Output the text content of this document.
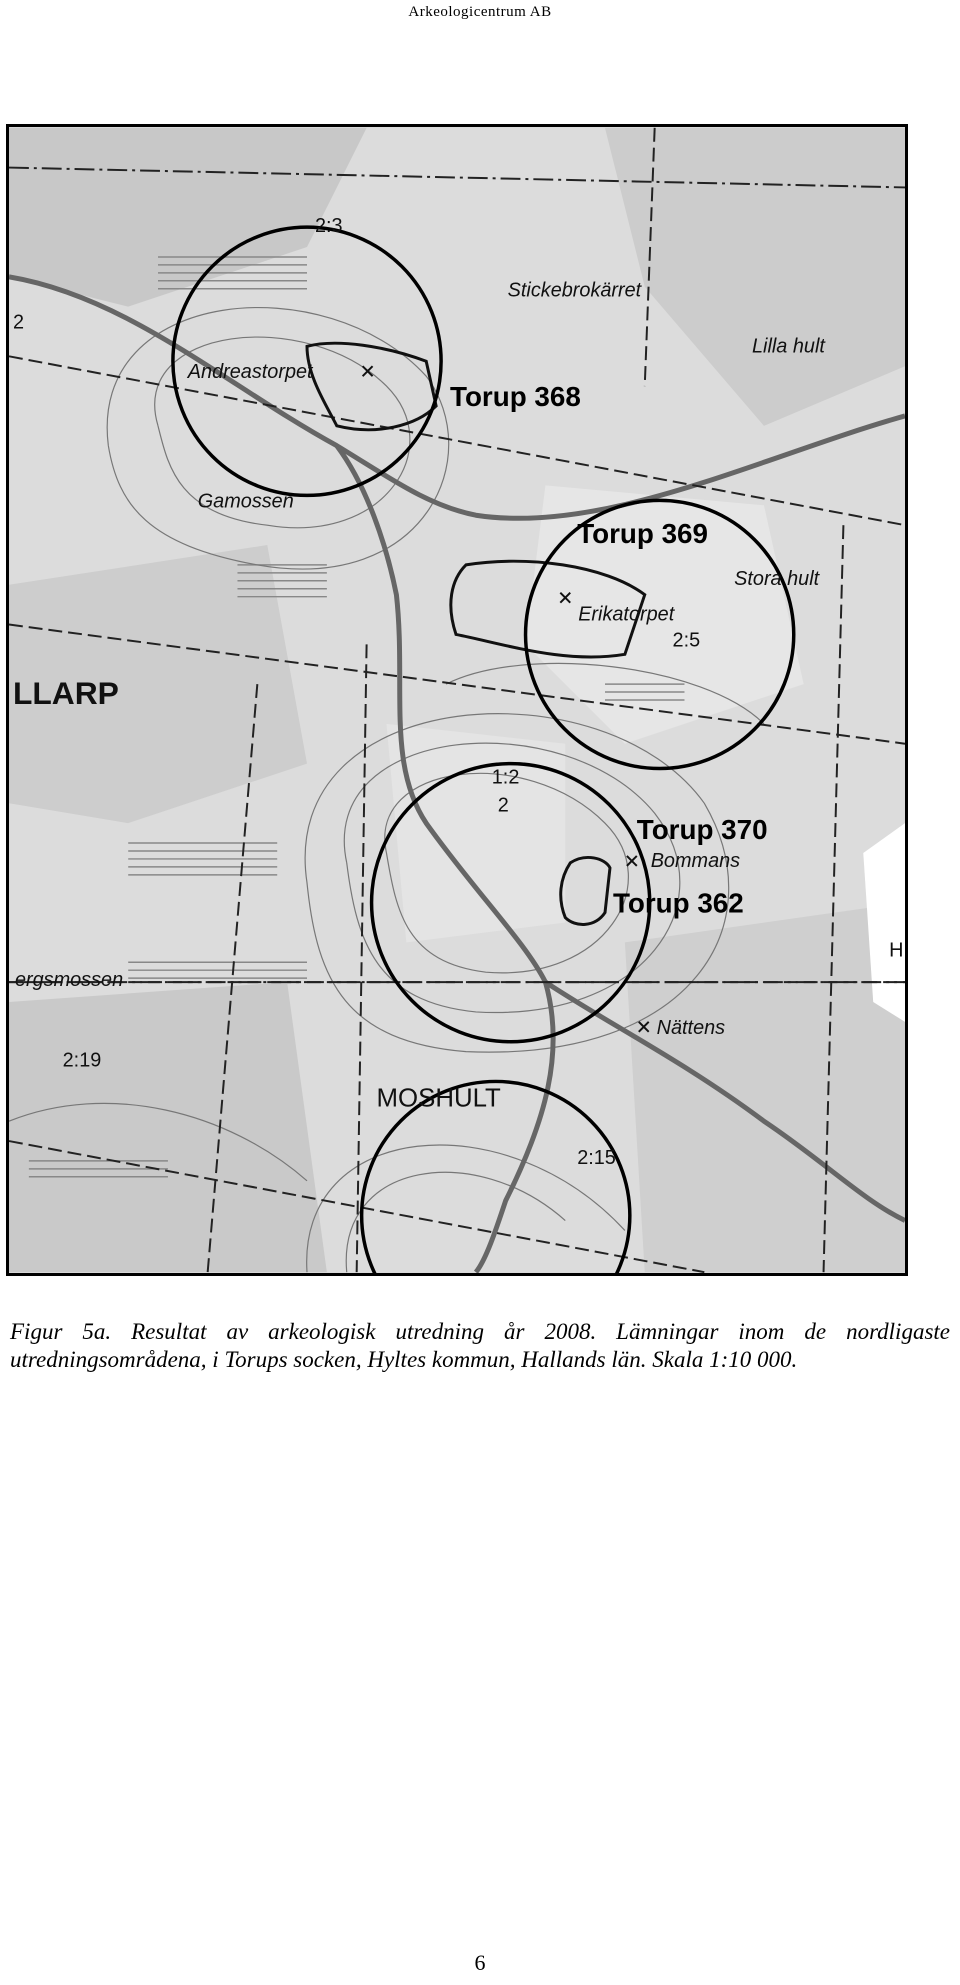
Arkeologicentrum AB
Stickebrokärret
Lilla hult
Andreastorpet
Gamossen
Stora hult
Erikatorpet
Bommans
ergsmossen
Nättens
LLARP
MOSHULT
Torup 368
Torup 369
Torup 370
Torup 362
2:3
2
2:5
1:2
2
2:19
2:15
H
Figur 5a. Resultat av arkeologisk utredning år 2008. Lämningar inom de nordligaste utredningsområdena, i Torups socken, Hyltes kommun, Hallands län. Skala 1:10 000.
6
